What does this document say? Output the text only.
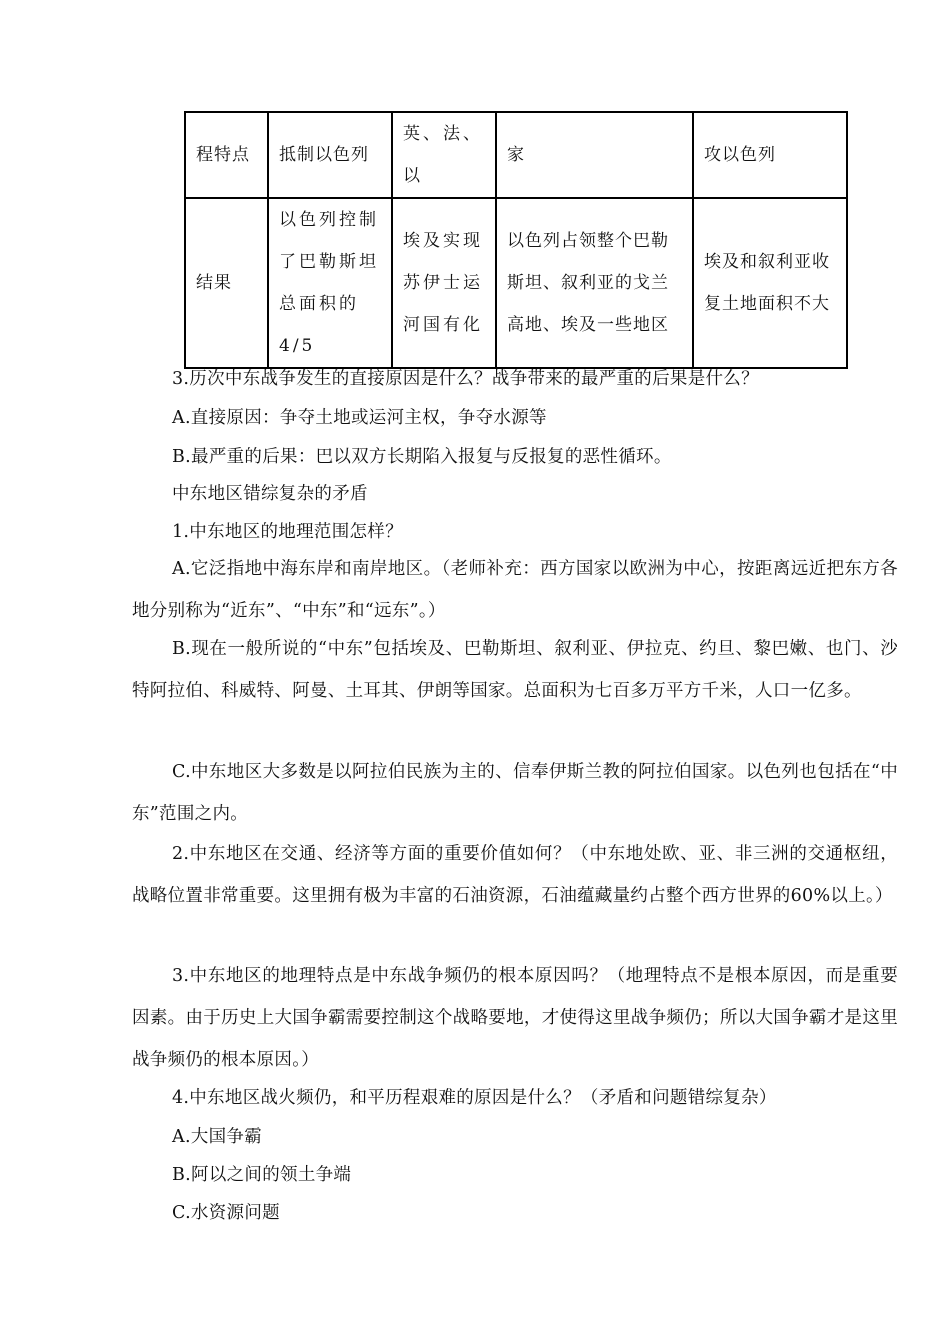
程特点	抵制以色列	英、法、以	家	攻以色列
结果	以色列控制了巴勒斯坦总面积的4/5	埃及实现苏伊士运河国有化	以色列占领整个巴勒斯坦、叙利亚的戈兰高地、埃及一些地区	埃及和叙利亚收复土地面积不大

3.历次中东战争发生的直接原因是什么？战争带来的最严重的后果是什么？

A.直接原因：争夺土地或运河主权，争夺水源等

B.最严重的后果：巴以双方长期陷入报复与反报复的恶性循环。

中东地区错综复杂的矛盾

1.中东地区的地理范围怎样？

A.它泛指地中海东岸和南岸地区。（老师补充：西方国家以欧洲为中心，按距离远近把东方各地分别称为“近东”、“中东”和“远东”。）

B.现在一般所说的“中东”包括埃及、巴勒斯坦、叙利亚、伊拉克、约旦、黎巴嫩、也门、沙特阿拉伯、科威特、阿曼、土耳其、伊朗等国家。总面积为七百多万平方千米，人口一亿多。

C.中东地区大多数是以阿拉伯民族为主的、信奉伊斯兰教的阿拉伯国家。以色列也包括在“中东”范围之内。

2.中东地区在交通、经济等方面的重要价值如何？（中东地处欧、亚、非三洲的交通枢纽，战略位置非常重要。这里拥有极为丰富的石油资源，石油蕴藏量约占整个西方世界的60%以上。）

3.中东地区的地理特点是中东战争频仍的根本原因吗？（地理特点不是根本原因，而是重要因素。由于历史上大国争霸需要控制这个战略要地，才使得这里战争频仍；所以大国争霸才是这里战争频仍的根本原因。）

4.中东地区战火频仍，和平历程艰难的原因是什么？（矛盾和问题错综复杂）

A.大国争霸

B.阿以之间的领土争端

C.水资源问题
